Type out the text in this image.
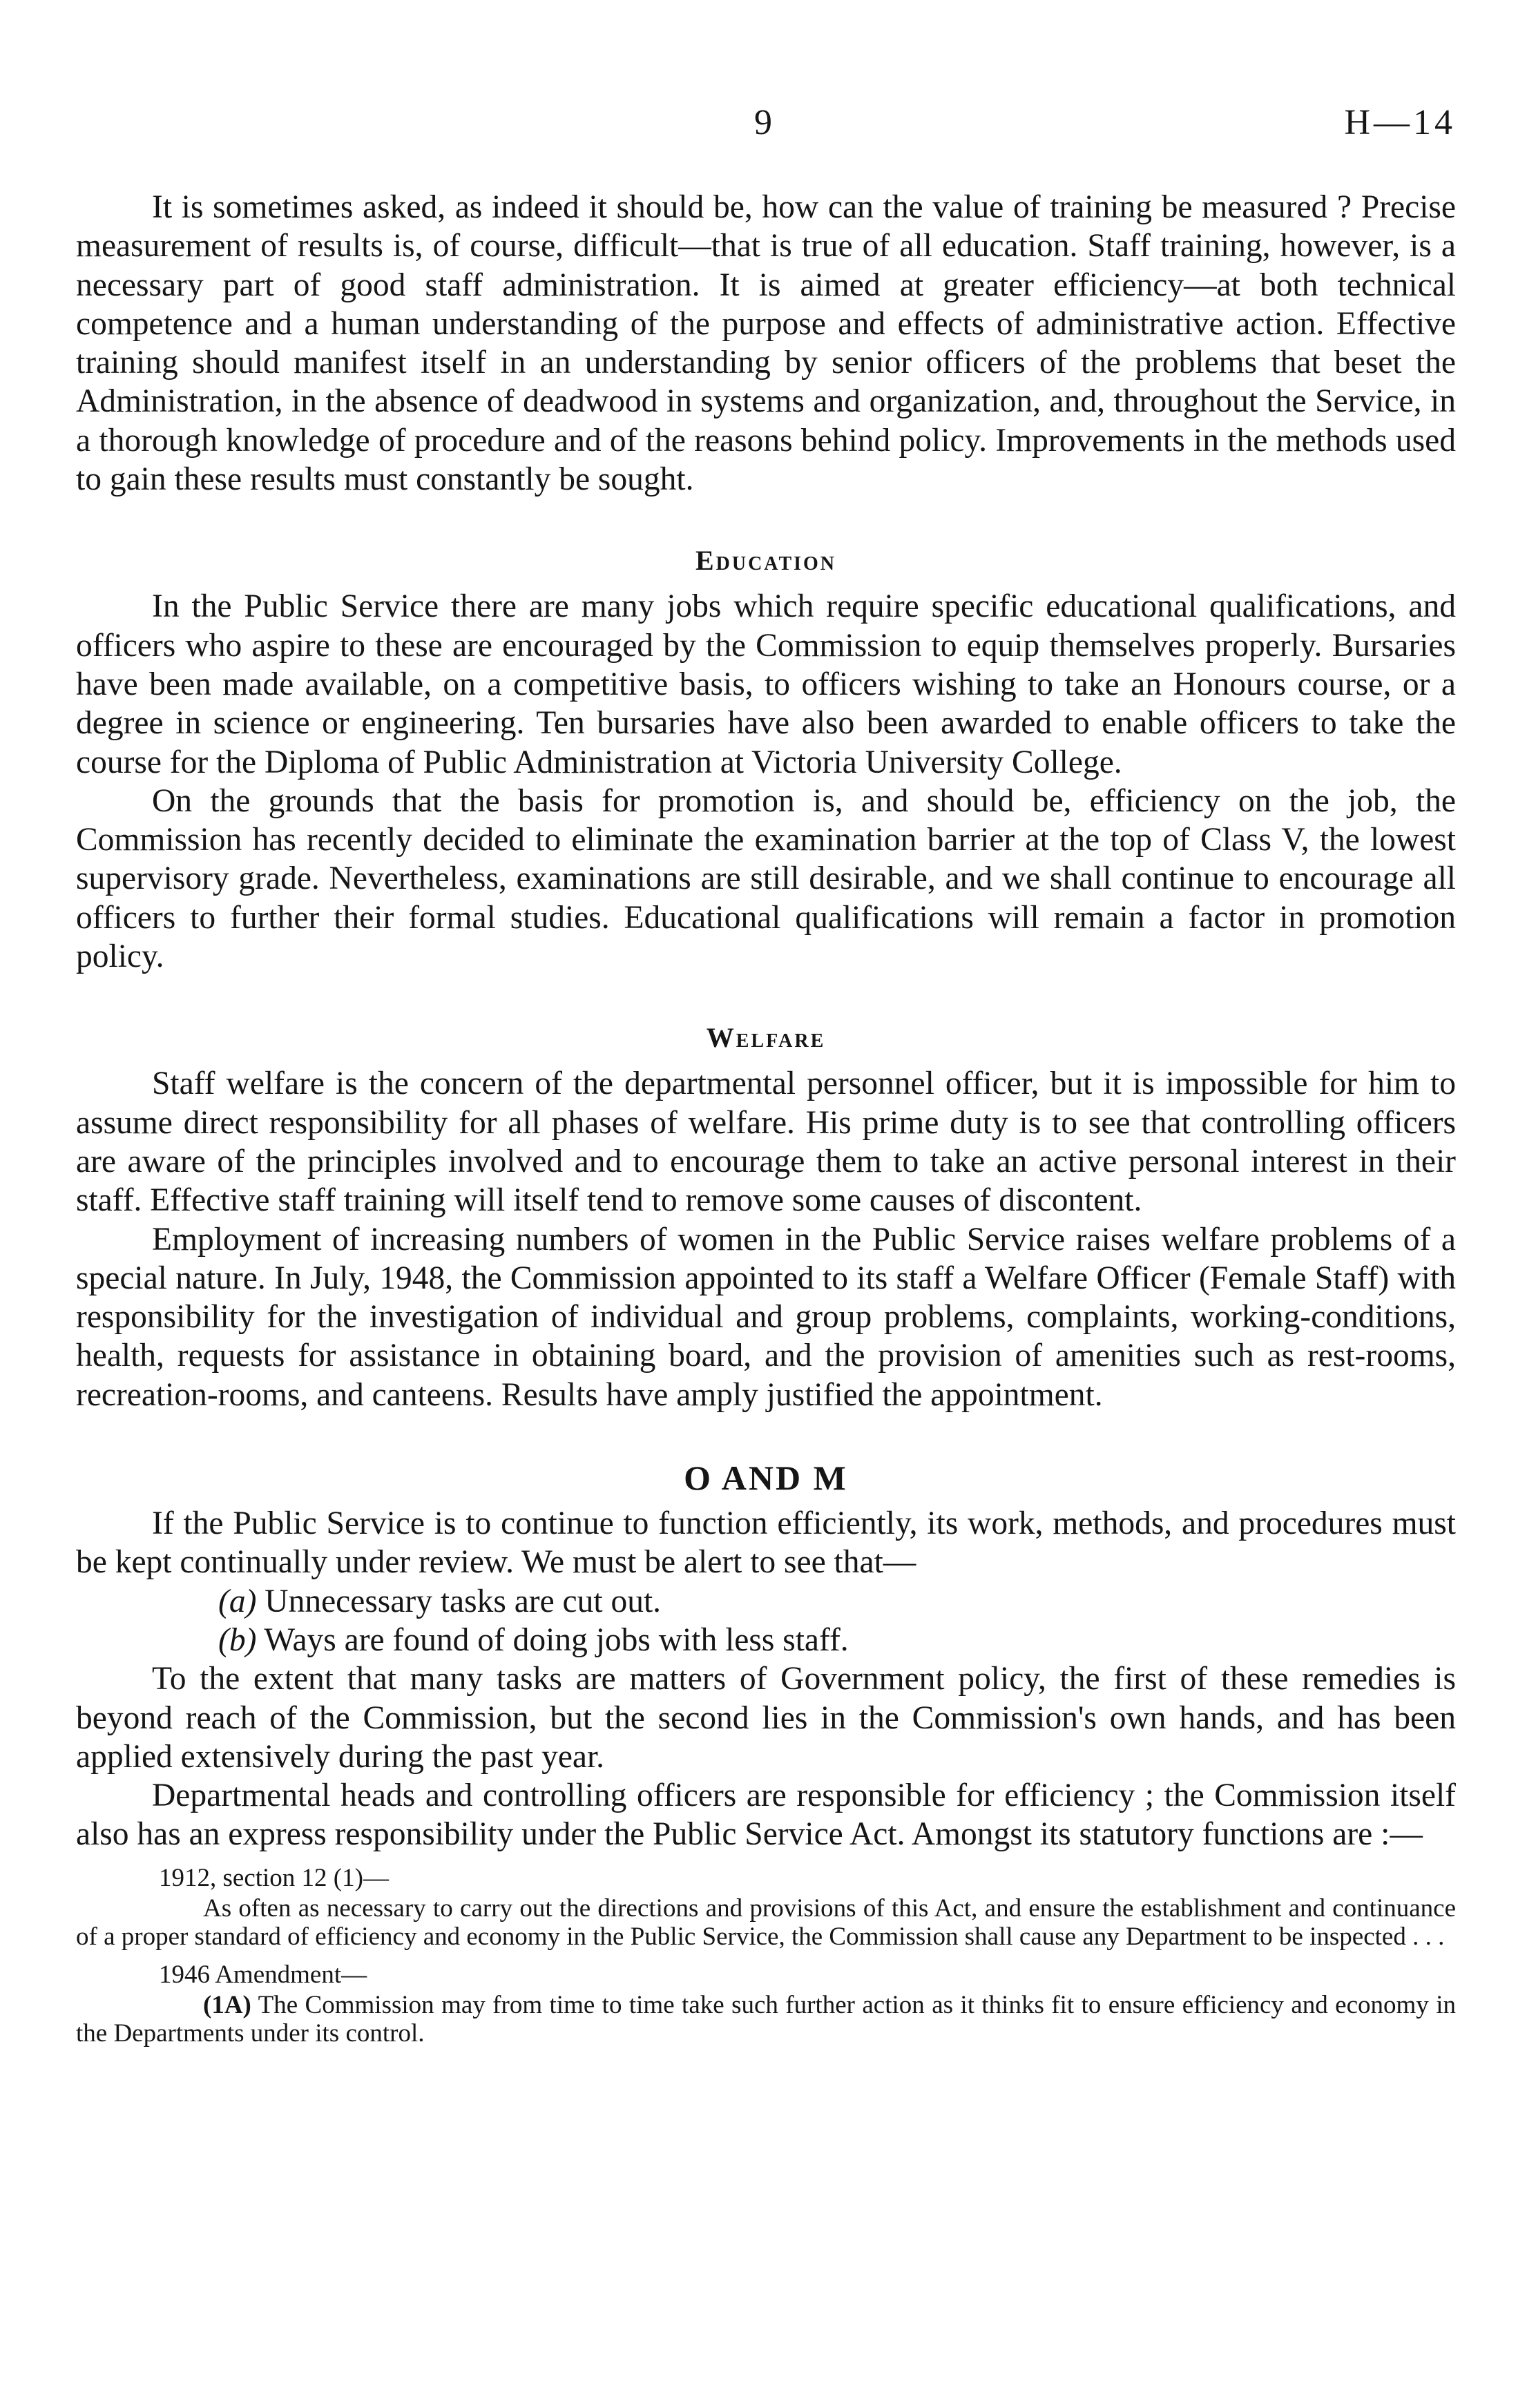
9	H—14

It is sometimes asked, as indeed it should be, how can the value of training be measured ? Precise measurement of results is, of course, difficult—that is true of all education. Staff training, however, is a necessary part of good staff administration. It is aimed at greater efficiency—at both technical competence and a human understanding of the purpose and effects of administrative action. Effective training should manifest itself in an understanding by senior officers of the problems that beset the Administration, in the absence of deadwood in systems and organization, and, throughout the Service, in a thorough knowledge of procedure and of the reasons behind policy. Improvements in the methods used to gain these results must constantly be sought.

Education

In the Public Service there are many jobs which require specific educational qualifications, and officers who aspire to these are encouraged by the Commission to equip themselves properly. Bursaries have been made available, on a competitive basis, to officers wishing to take an Honours course, or a degree in science or engineering. Ten bursaries have also been awarded to enable officers to take the course for the Diploma of Public Administration at Victoria University College.

On the grounds that the basis for promotion is, and should be, efficiency on the job, the Commission has recently decided to eliminate the examination barrier at the top of Class V, the lowest supervisory grade. Nevertheless, examinations are still desirable, and we shall continue to encourage all officers to further their formal studies. Educational qualifications will remain a factor in promotion policy.

Welfare

Staff welfare is the concern of the departmental personnel officer, but it is impossible for him to assume direct responsibility for all phases of welfare. His prime duty is to see that controlling officers are aware of the principles involved and to encourage them to take an active personal interest in their staff. Effective staff training will itself tend to remove some causes of discontent.

Employment of increasing numbers of women in the Public Service raises welfare problems of a special nature. In July, 1948, the Commission appointed to its staff a Welfare Officer (Female Staff) with responsibility for the investigation of individual and group problems, complaints, working-conditions, health, requests for assistance in obtaining board, and the provision of amenities such as rest-rooms, recreation-rooms, and canteens. Results have amply justified the appointment.

O AND M

If the Public Service is to continue to function efficiently, its work, methods, and procedures must be kept continually under review. We must be alert to see that—

(a) Unnecessary tasks are cut out.
(b) Ways are found of doing jobs with less staff.

To the extent that many tasks are matters of Government policy, the first of these remedies is beyond reach of the Commission, but the second lies in the Commission's own hands, and has been applied extensively during the past year.

Departmental heads and controlling officers are responsible for efficiency ; the Commission itself also has an express responsibility under the Public Service Act. Amongst its statutory functions are :—

1912, section 12 (1)—

As often as necessary to carry out the directions and provisions of this Act, and ensure the establishment and continuance of a proper standard of efficiency and economy in the Public Service, the Commission shall cause any Department to be inspected . . .

1946 Amendment—

(1A) The Commission may from time to time take such further action as it thinks fit to ensure efficiency and economy in the Departments under its control.
